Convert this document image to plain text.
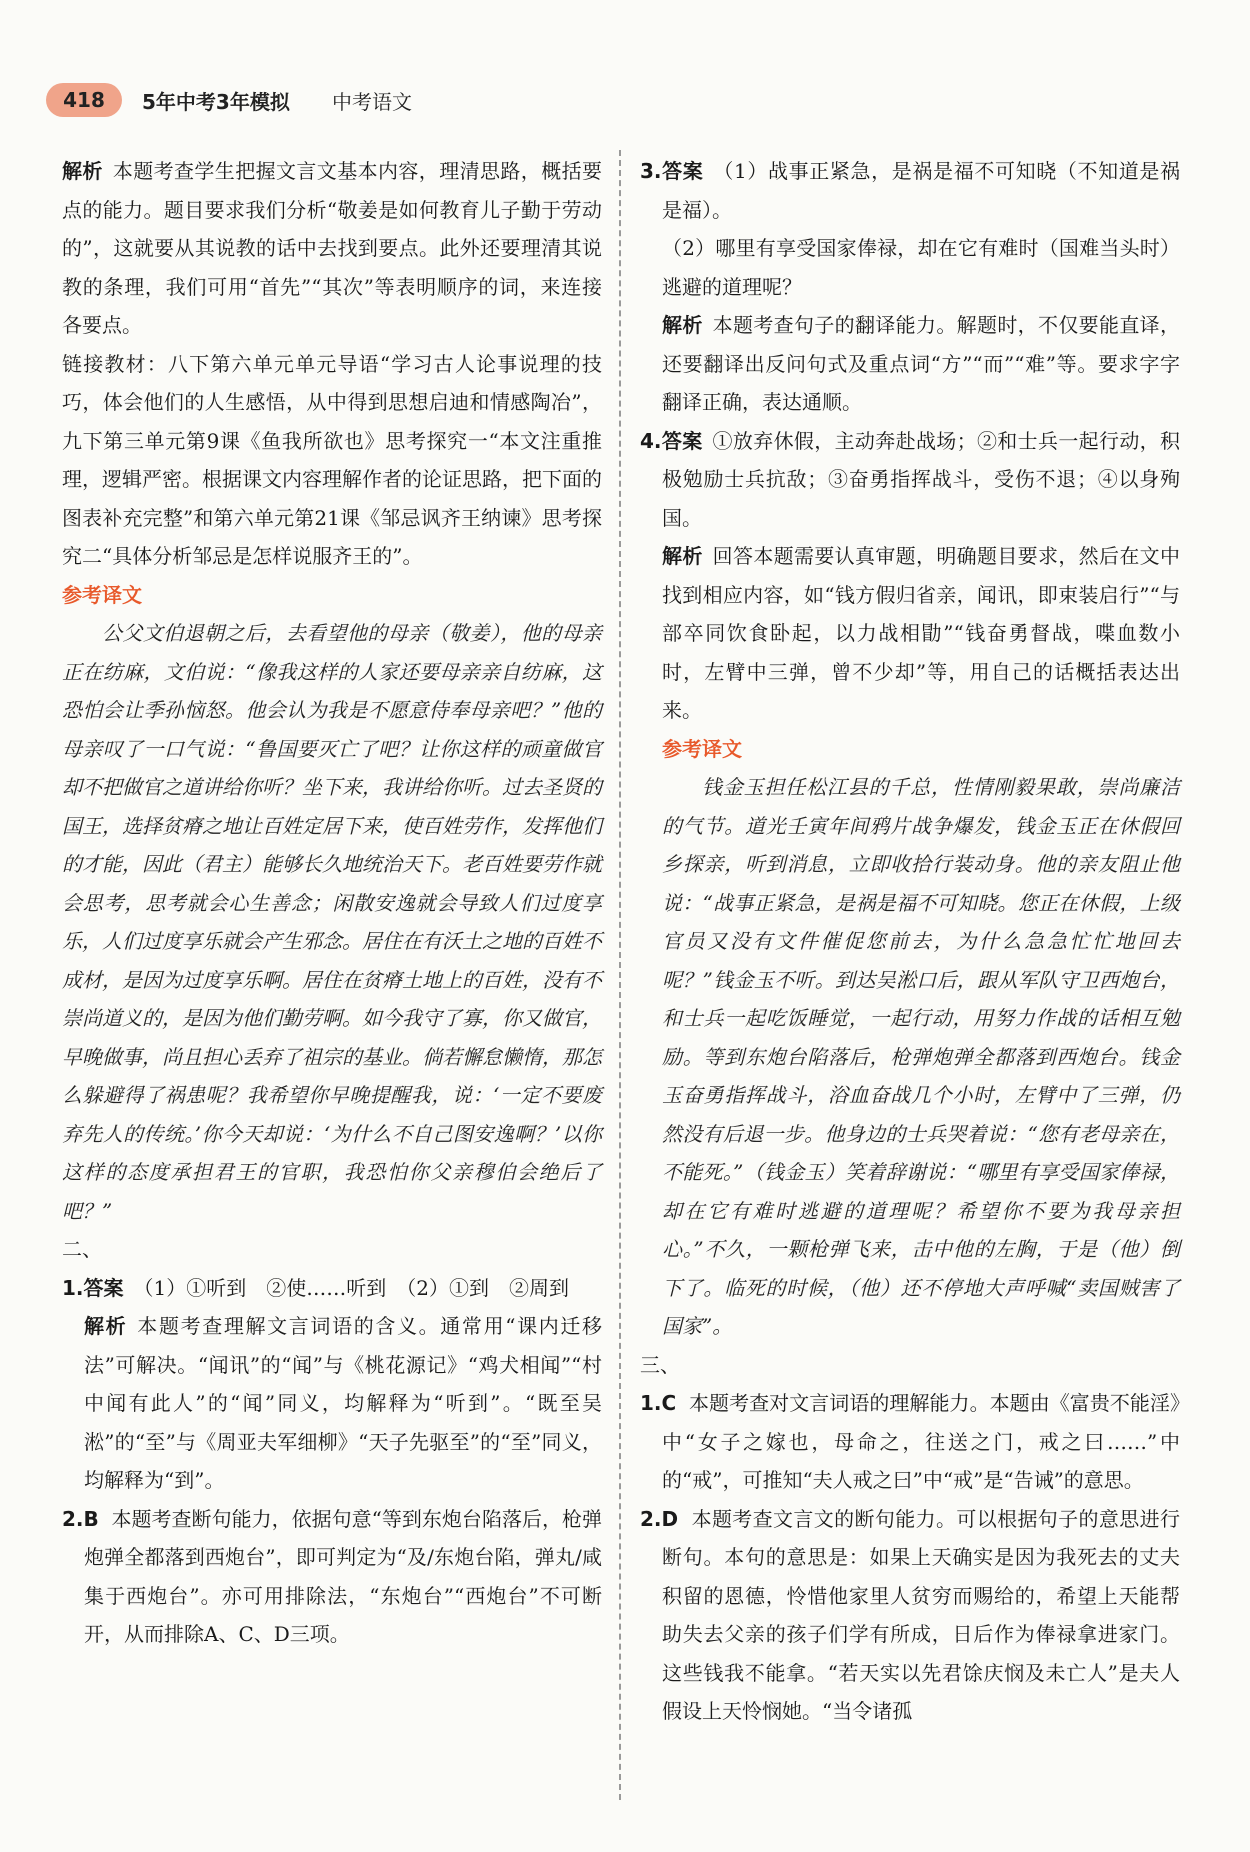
418	5年中考3年模拟 中考语文

解析 本题考查学生把握文言文基本内容，理清思路，概括要点的能力。题目要求我们分析“敬姜是如何教育儿子勤于劳动的”，这就要从其说教的话中去找到要点。此外还要理清其说教的条理，我们可用“首先”“其次”等表明顺序的词，来连接各要点。

链接教材：八下第六单元单元导语“学习古人论事说理的技巧，体会他们的人生感悟，从中得到思想启迪和情感陶冶”，九下第三单元第9课《鱼我所欲也》思考探究一“本文注重推理，逻辑严密。根据课文内容理解作者的论证思路，把下面的图表补充完整”和第六单元第21课《邹忌讽齐王纳谏》思考探究二“具体分析邹忌是怎样说服齐王的”。

参考译文

公父文伯退朝之后，去看望他的母亲（敬姜），他的母亲正在纺麻，文伯说：“像我这样的人家还要母亲亲自纺麻，这恐怕会让季孙恼怒。他会认为我是不愿意侍奉母亲吧？”他的母亲叹了一口气说：“鲁国要灭亡了吧？让你这样的顽童做官却不把做官之道讲给你听？坐下来，我讲给你听。过去圣贤的国王，选择贫瘠之地让百姓定居下来，使百姓劳作，发挥他们的才能，因此（君主）能够长久地统治天下。老百姓要劳作就会思考，思考就会心生善念；闲散安逸就会导致人们过度享乐，人们过度享乐就会产生邪念。居住在有沃土之地的百姓不成材，是因为过度享乐啊。居住在贫瘠土地上的百姓，没有不崇尚道义的，是因为他们勤劳啊。如今我守了寡，你又做官，早晚做事，尚且担心丢弃了祖宗的基业。倘若懈怠懒惰，那怎么躲避得了祸患呢？我希望你早晚提醒我，说：‘一定不要废弃先人的传统。’你今天却说：‘为什么不自己图安逸啊？’以你这样的态度承担君王的官职，我恐怕你父亲穆伯会绝后了吧？”

二、

1.答案 （1）①听到　②使……听到　（2）①到　②周到

解析 本题考查理解文言词语的含义。通常用“课内迁移法”可解决。“闻讯”的“闻”与《桃花源记》“鸡犬相闻”“村中闻有此人”的“闻”同义，均解释为“听到”。“既至吴淞”的“至”与《周亚夫军细柳》“天子先驱至”的“至”同义，均解释为“到”。

2.B 本题考查断句能力，依据句意“等到东炮台陷落后，枪弹炮弹全都落到西炮台”，即可判定为“及/东炮台陷，弹丸/咸集于西炮台”。亦可用排除法，“东炮台”“西炮台”不可断开，从而排除A、C、D三项。

3.答案 （1）战事正紧急，是祸是福不可知晓（不知道是祸是福）。

（2）哪里有享受国家俸禄，却在它有难时（国难当头时）逃避的道理呢？

解析 本题考查句子的翻译能力。解题时，不仅要能直译，还要翻译出反问句式及重点词“方”“而”“难”等。要求字字翻译正确，表达通顺。

4.答案 ①放弃休假，主动奔赴战场；②和士兵一起行动，积极勉励士兵抗敌；③奋勇指挥战斗，受伤不退；④以身殉国。

解析 回答本题需要认真审题，明确题目要求，然后在文中找到相应内容，如“钱方假归省亲，闻讯，即束装启行”“与部卒同饮食卧起，以力战相勖”“钱奋勇督战，喋血数小时，左臂中三弹，曾不少却”等，用自己的话概括表达出来。

参考译文

钱金玉担任松江县的千总，性情刚毅果敢，崇尚廉洁的气节。道光壬寅年间鸦片战争爆发，钱金玉正在休假回乡探亲，听到消息，立即收拾行装动身。他的亲友阻止他说：“战事正紧急，是祸是福不可知晓。您正在休假，上级官员又没有文件催促您前去，为什么急急忙忙地回去呢？”钱金玉不听。到达吴淞口后，跟从军队守卫西炮台，和士兵一起吃饭睡觉，一起行动，用努力作战的话相互勉励。等到东炮台陷落后，枪弹炮弹全都落到西炮台。钱金玉奋勇指挥战斗，浴血奋战几个小时，左臂中了三弹，仍然没有后退一步。他身边的士兵哭着说：“您有老母亲在，不能死。”（钱金玉）笑着辞谢说：“哪里有享受国家俸禄，却在它有难时逃避的道理呢？希望你不要为我母亲担心。”不久，一颗枪弹飞来，击中他的左胸，于是（他）倒下了。临死的时候，（他）还不停地大声呼喊“卖国贼害了国家”。

三、

1.C 本题考查对文言词语的理解能力。本题由《富贵不能淫》中“女子之嫁也，母命之，往送之门，戒之曰……”中的“戒”，可推知“夫人戒之曰”中“戒”是“告诫”的意思。

2.D 本题考查文言文的断句能力。可以根据句子的意思进行断句。本句的意思是：如果上天确实是因为我死去的丈夫积留的恩德，怜惜他家里人贫穷而赐给的，希望上天能帮助失去父亲的孩子们学有所成，日后作为俸禄拿进家门。这些钱我不能拿。“若天实以先君馀庆悯及未亡人”是夫人假设上天怜悯她。“当令诸孤
